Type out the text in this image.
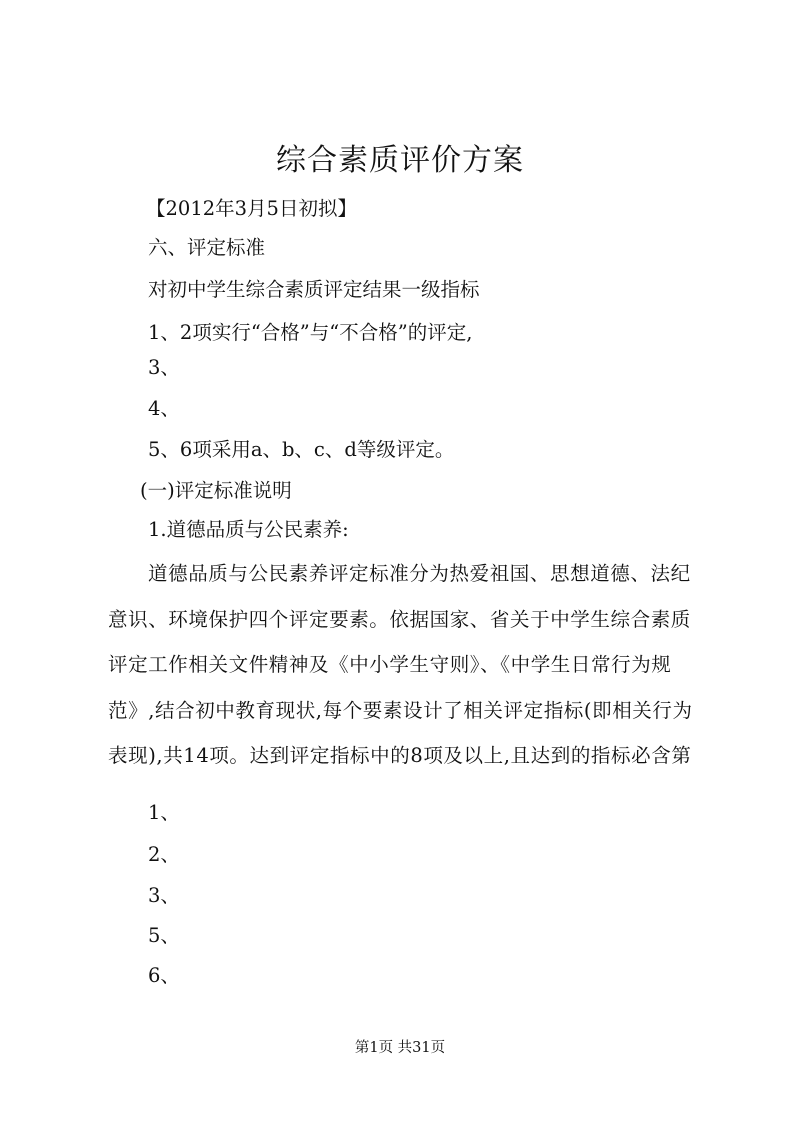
综合素质评价方案
【2012年3月5日初拟】
六、评定标准
对初中学生综合素质评定结果一级指标
1、2项实行“合格”与“不合格”的评定,
3、
4、
5、6项采用a、b、c、d等级评定。
(一)评定标准说明
1.道德品质与公民素养:

道德品质与公民素养评定标准分为热爱祖国、思想道德、法纪意识、环境保护四个评定要素。依据国家、省关于中学生综合素质评定工作相关文件精神及《中小学生守则》、《中学生日常行为规范》,结合初中教育现状,每个要素设计了相关评定指标(即相关行为表现),共14项。达到评定指标中的8项及以上,且达到的指标必含第

1、
2、
3、
5、
6、
第1页 共31页
